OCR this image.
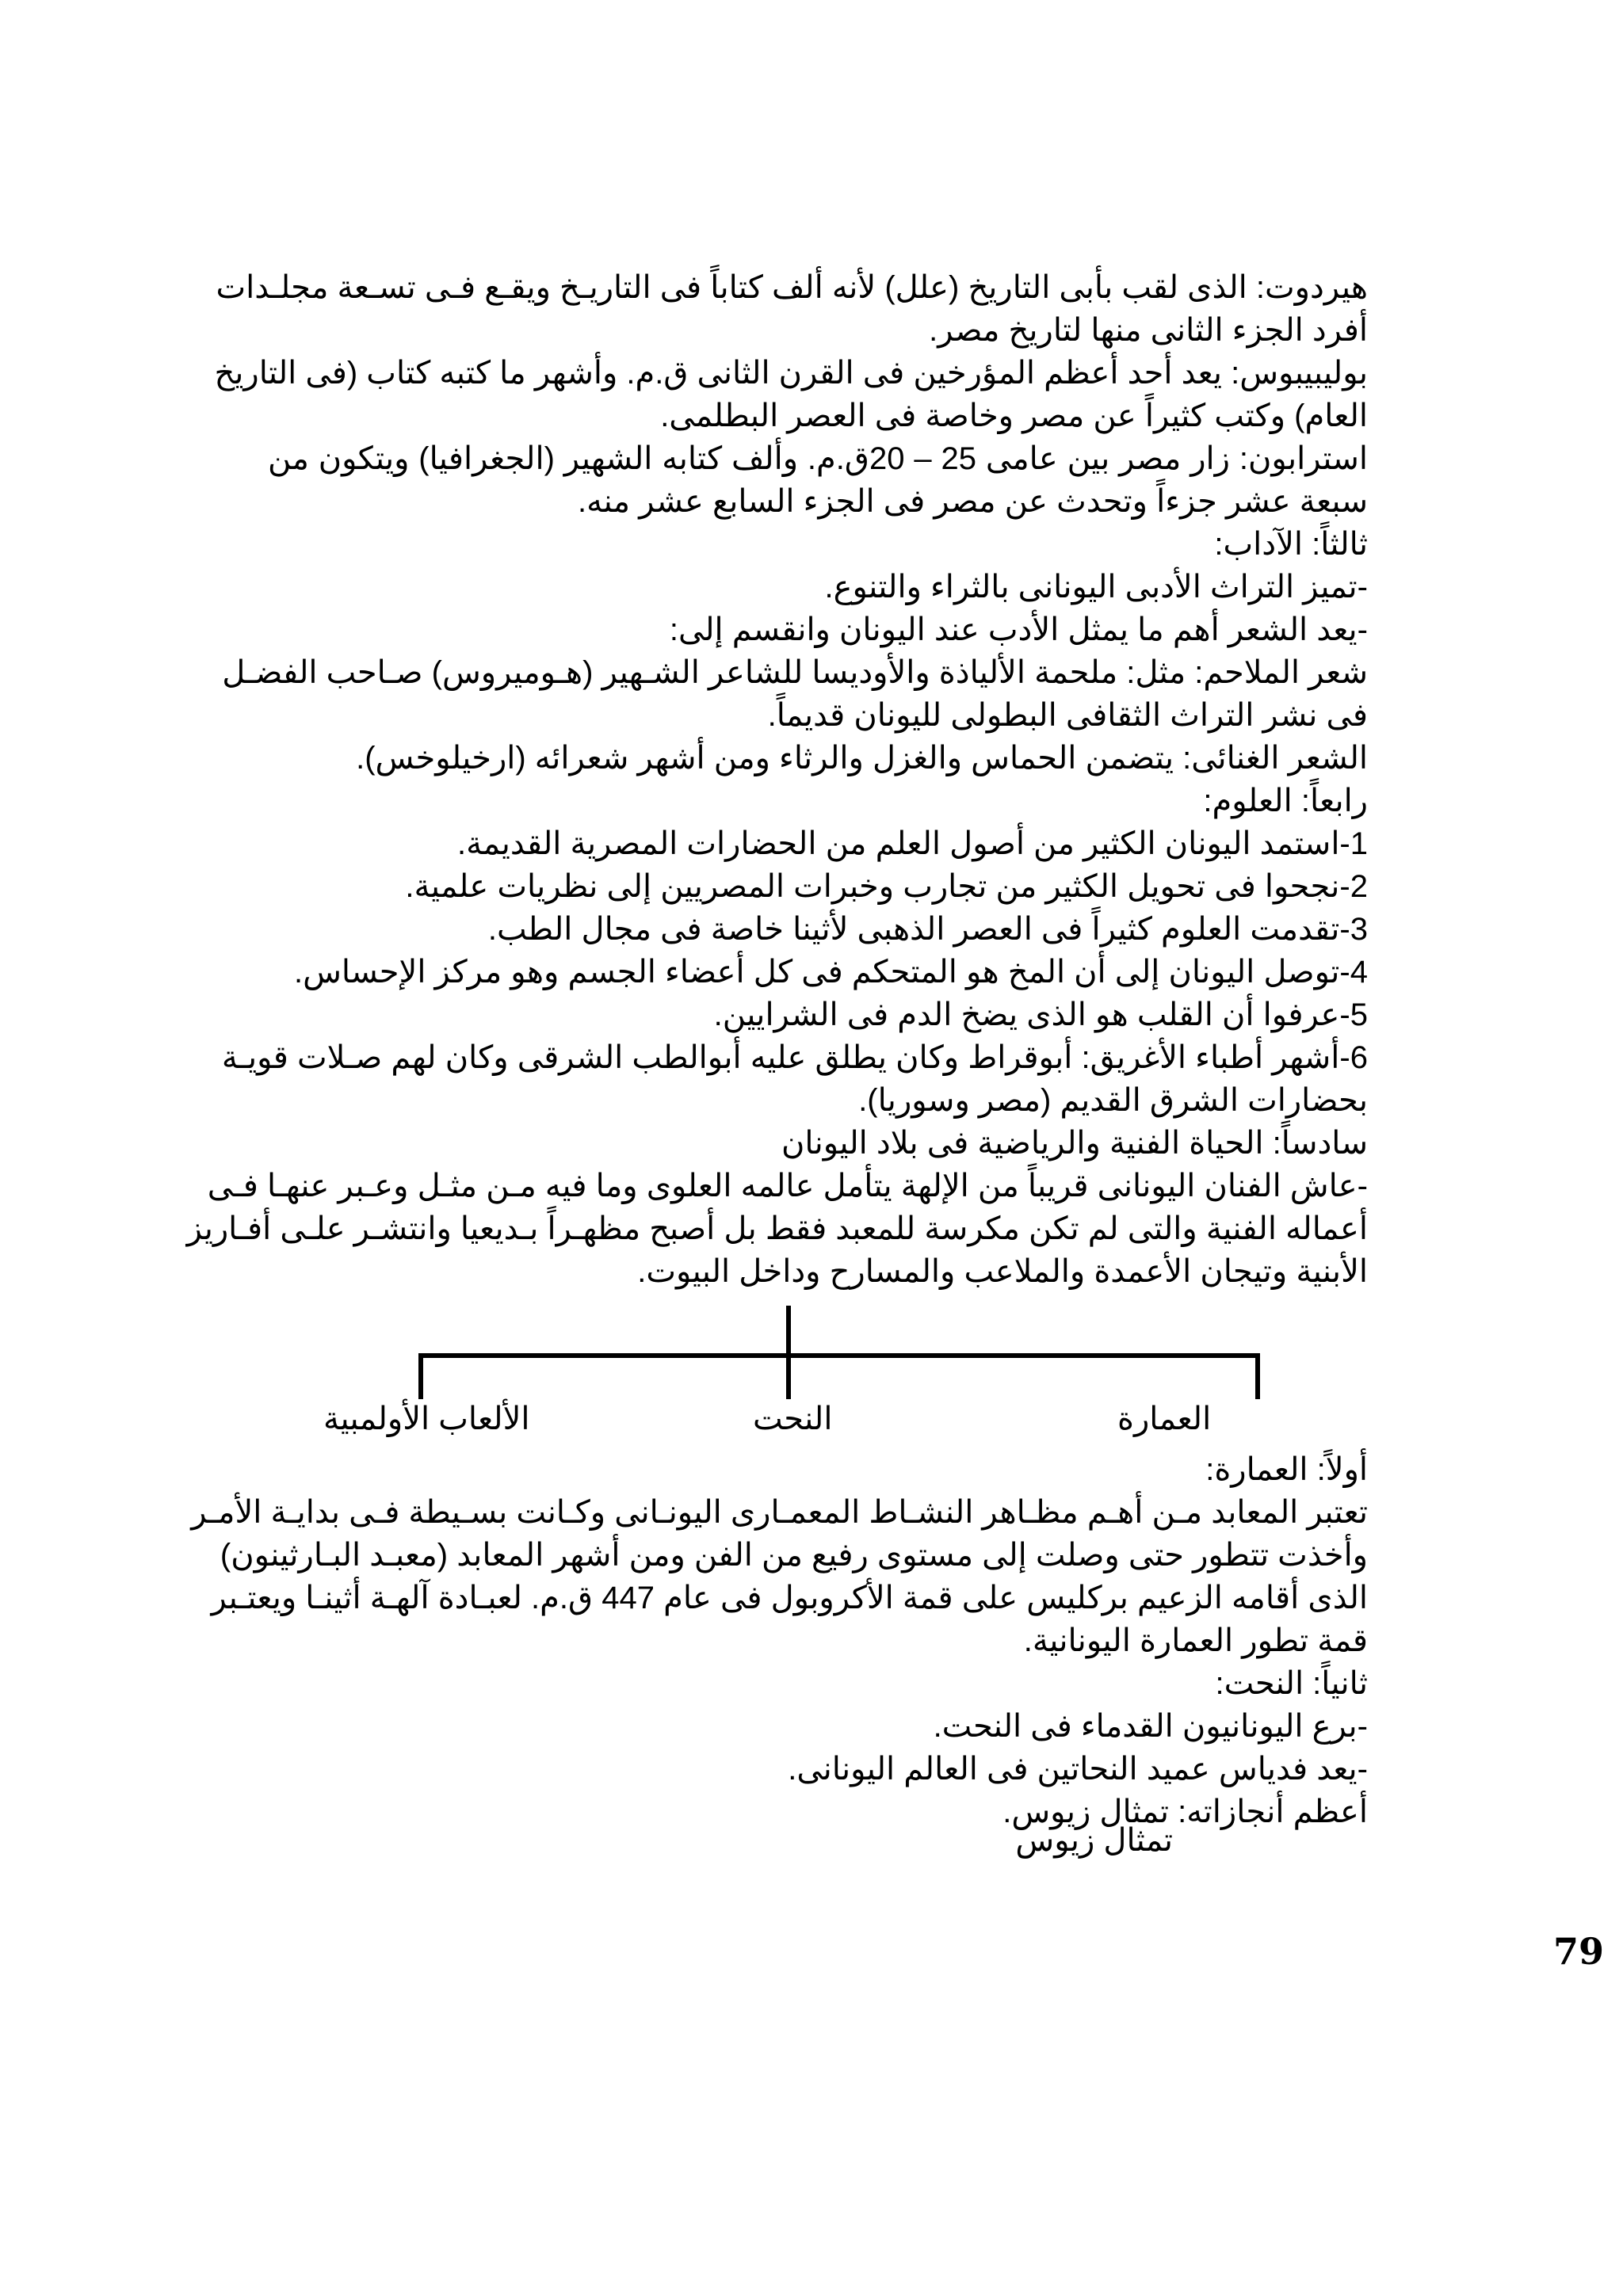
هيردوت: الذى لقب بأبى التاريخ (علل) لأنه ألف كتاباً فى التاريـخ ويقـع فـى تسـعة مجلـدات
أفرد الجزء الثانى منها لتاريخ مصر.
بوليبيبوس: يعد أحد أعظم المؤرخين فى القرن الثانى ق.م. وأشهر ما كتبه كتاب (فى التاريخ
العام) وكتب كثيراً عن مصر وخاصة فى العصر البطلمى.
استرابون: زار مصر بين عامى 25 – 20ق.م. وألف كتابه الشهير (الجغرافيا) ويتكون من
سبعة عشر جزءاً وتحدث عن مصر فى الجزء السابع عشر منه.
ثالثاً: الآداب:
-تميز التراث الأدبى اليونانى بالثراء والتنوع.
-يعد الشعر أهم ما يمثل الأدب عند اليونان وانقسم إلى:
شعر الملاحم: مثل: ملحمة الألياذة والأوديسا للشاعر الشـهير (هـوميروس) صـاحب الفضـل
فى نشر التراث الثقافى البطولى لليونان قديماً.
الشعر الغنائى: يتضمن الحماس والغزل والرثاء ومن أشهر شعرائه (ارخيلوخس).
رابعاً: العلوم:
1-استمد اليونان الكثير من أصول العلم من الحضارات المصرية القديمة.
2-نجحوا فى تحويل الكثير من تجارب وخبرات المصريين إلى نظريات علمية.
3-تقدمت العلوم كثيراً فى العصر الذهبى لأثينا خاصة فى مجال الطب.
4-توصل اليونان إلى أن المخ هو المتحكم فى كل أعضاء الجسم وهو مركز الإحساس.
5-عرفوا أن القلب هو الذى يضخ الدم فى الشرايين.
6-أشهر أطباء الأغريق: أبوقراط وكان يطلق عليه أبوالطب الشرقى وكان لهم صـلات قويـة
بحضارات الشرق القديم (مصر وسوريا).
سادساً: الحياة الفنية والرياضية فى بلاد اليونان
-عاش الفنان اليونانى قريباً من الإلهة يتأمل عالمه العلوى وما فيه مـن مثـل وعـبر عنهـا فـى
أعماله الفنية والتى لم تكن مكرسة للمعبد فقط بل أصبح مظهـراً بـديعيا وانتشـر علـى أفـاريز
الأبنية وتيجان الأعمدة والملاعب والمسارح وداخل البيوت.
العمارة
النحت
الألعاب الأولمبية
أولاً: العمارة:
تعتبر المعابد مـن أهـم مظـاهر النشـاط المعمـارى اليونـانى وكـانت بسـيطة فـى بدايـة الأمـر
وأخذت تتطور حتى وصلت إلى مستوى رفيع من الفن ومن أشهر المعابد (معبـد البـارثينون)
الذى أقامه الزعيم بركليس على قمة الأكروبول فى عام 447 ق.م. لعبـادة آلهـة أثينـا ويعتـبر
قمة تطور العمارة اليونانية.
ثانياً: النحت:
-برع اليونانيون القدماء فى النحت.
-يعد فدياس عميد النحاتين فى العالم اليونانى.
أعظم أنجازاته: تمثال زيوس.
تمثال زيوس
79
